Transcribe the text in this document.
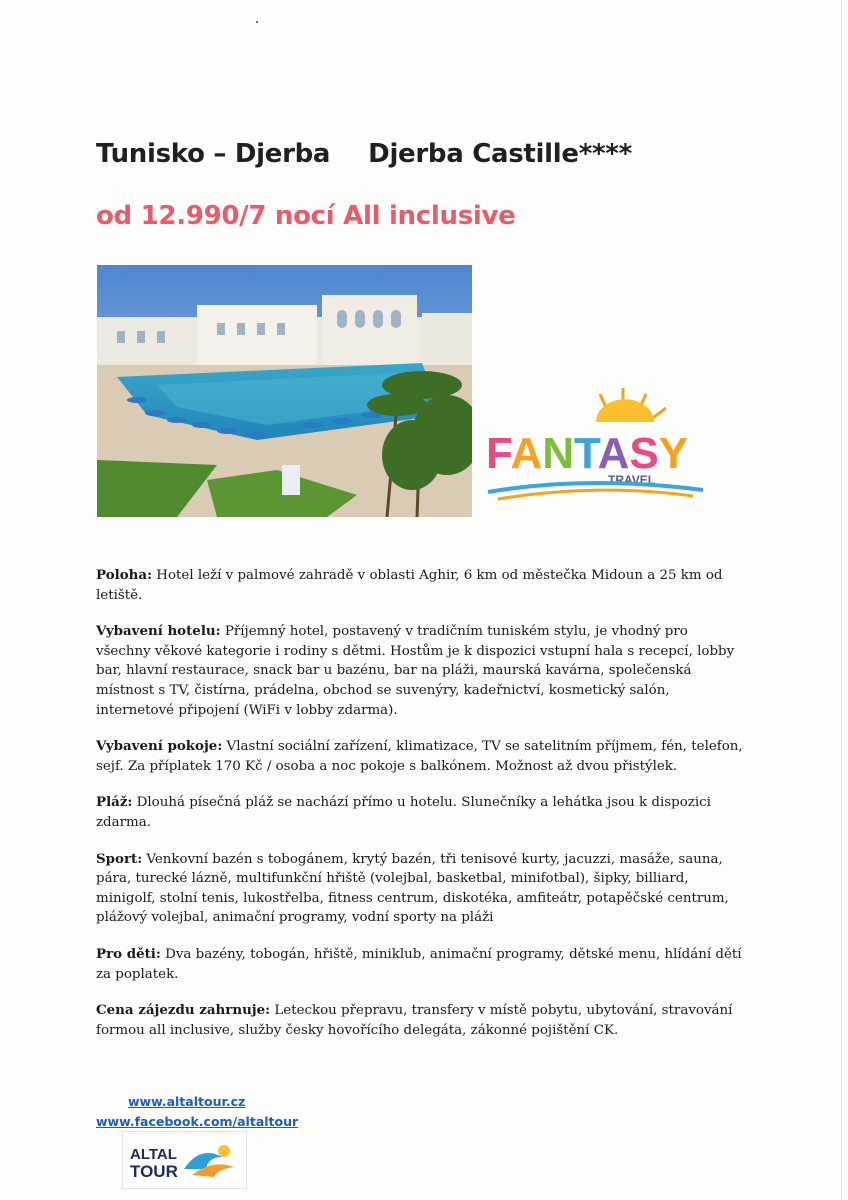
Tunisko – Djerba Djerba Castille****
od 12.990/7 nocí All inclusive
FANTASY
TRAVEL

Poloha: Hotel leží v palmové zahradě v oblasti Aghir, 6 km od městečka Midoun a 25 km od letiště.

Vybavení hotelu: Příjemný hotel, postavený v tradičním tuniském stylu, je vhodný pro všechny věkové kategorie i rodiny s dětmi. Hostům je k dispozici vstupní hala s recepcí, lobby bar, hlavní restaurace, snack bar u bazénu, bar na pláži, maurská kavárna, společenská místnost s TV, čistírna, prádelna, obchod se suvenýry, kadeřnictví, kosmetický salón, internetové připojení (WiFi v lobby zdarma).

Vybavení pokoje: Vlastní sociální zařízení, klimatizace, TV se satelitním příjmem, fén, telefon, sejf. Za příplatek 170 Kč / osoba a noc pokoje s balkónem. Možnost až dvou přistýlek.

Pláž: Dlouhá písečná pláž se nachází přímo u hotelu. Slunečníky a lehátka jsou k dispozici zdarma.

Sport: Venkovní bazén s tobogánem, krytý bazén, tři tenisové kurty, jacuzzi, masáže, sauna, pára, turecké lázně, multifunkční hřiště (volejbal, basketbal, minifotbal), šipky, billiard, minigolf, stolní tenis, lukostřelba, fitness centrum, diskotéka, amfiteátr, potapěčské centrum, plážový volejbal, animační programy, vodní sporty na pláži

Pro děti: Dva bazény, tobogán, hřiště, miniklub, animační programy, dětské menu, hlídání dětí za poplatek.

Cena zájezdu zahrnuje: Leteckou přepravu, transfery v místě pobytu, ubytování, stravování formou all inclusive, služby česky hovořícího delegáta, zákonné pojištění CK.

www.altaltour.cz
www.facebook.com/altaltour
ALTAL
TOUR
